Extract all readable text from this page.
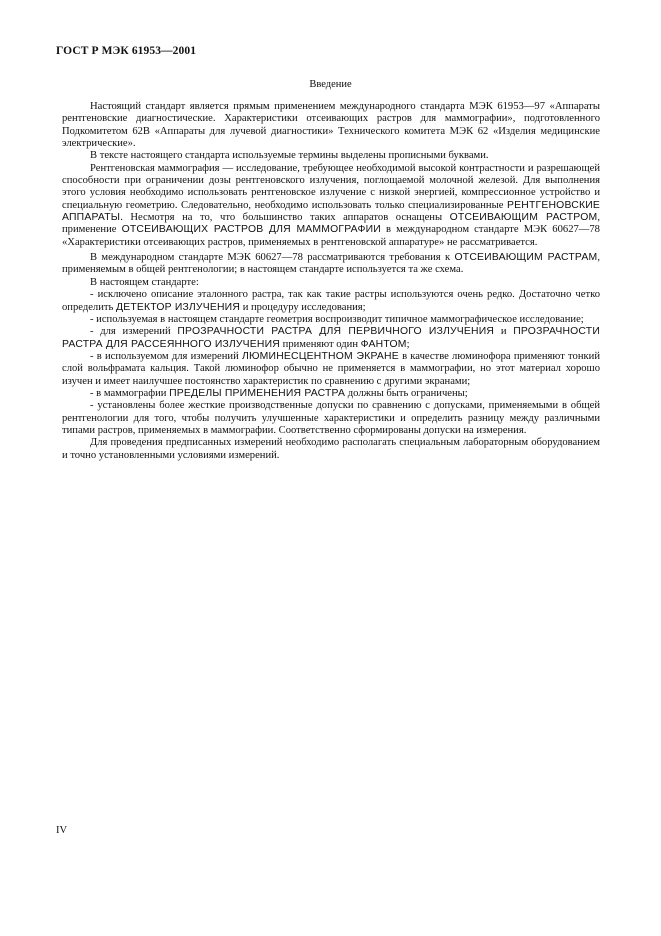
ГОСТ Р МЭК 61953—2001
Введение

Настоящий стандарт является прямым применением международного стандарта МЭК 61953—97 «Аппараты рентгеновские диагностические. Характеристики отсеивающих растров для маммографии», подготовленного Подкомитетом 62В «Аппараты для лучевой диагностики» Технического комитета МЭК 62 «Изделия медицинские электрические».

В тексте настоящего стандарта используемые термины выделены прописными буквами.

Рентгеновская маммография — исследование, требующее необходимой высокой контрастности и разрешающей способности при ограничении дозы рентгеновского излучения, поглощаемой молочной железой. Для выполнения этого условия необходимо использовать рентгеновское излучение с низкой энергией, компрессионное устройство и специальную геометрию. Следовательно, необходимо использовать только специализированные РЕНТГЕНОВСКИЕ АППАРАТЫ. Несмотря на то, что большинство таких аппаратов оснащены ОТСЕИВАЮЩИМ РАСТРОМ, применение ОТСЕИВАЮЩИХ РАСТРОВ ДЛЯ МАММОГРАФИИ в международном стандарте МЭК 60627—78 «Характеристики отсеивающих растров, применяемых в рентгеновской аппаратуре» не рассматривается.

В международном стандарте МЭК 60627—78 рассматриваются требования к ОТСЕИВАЮЩИМ РАСТРАМ, применяемым в общей рентгенологии; в настоящем стандарте используется та же схема.

В настоящем стандарте:

- исключено описание эталонного растра, так как такие растры используются очень редко. Достаточно четко определить ДЕТЕКТОР ИЗЛУЧЕНИЯ и процедуру исследования;

- используемая в настоящем стандарте геометрия воспроизводит типичное маммографическое исследование;

- для измерений ПРОЗРАЧНОСТИ РАСТРА ДЛЯ ПЕРВИЧНОГО ИЗЛУЧЕНИЯ и ПРОЗРАЧНОСТИ РАСТРА ДЛЯ РАССЕЯННОГО ИЗЛУЧЕНИЯ применяют один ФАНТОМ;

- в используемом для измерений ЛЮМИНЕСЦЕНТНОМ ЭКРАНЕ в качестве люминофора применяют тонкий слой вольфрамата кальция. Такой люминофор обычно не применяется в маммографии, но этот материал хорошо изучен и имеет наилучшее постоянство характеристик по сравнению с другими экранами;

- в маммографии ПРЕДЕЛЫ ПРИМЕНЕНИЯ РАСТРА должны быть ограничены;

- установлены более жесткие производственные допуски по сравнению с допусками, применяемыми в общей рентгенологии для того, чтобы получить улучшенные характеристики и определить разницу между различными типами растров, применяемых в маммографии. Соответственно сформированы допуски на измерения.

Для проведения предписанных измерений необходимо располагать специальным лабораторным оборудованием и точно установленными условиями измерений.

IV
